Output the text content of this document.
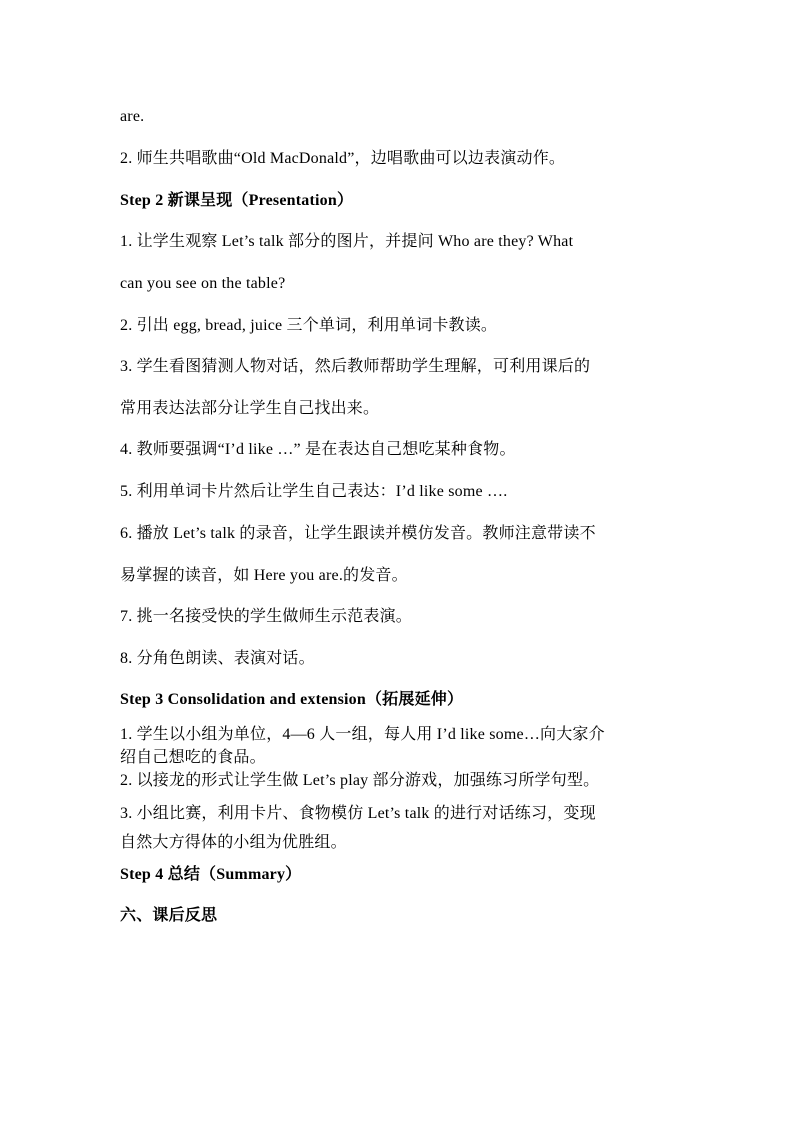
are.
2. 师生共唱歌曲“Old MacDonald”，边唱歌曲可以边表演动作。
Step 2 新课呈现（Presentation）
1. 让学生观察 Let’s talk 部分的图片，并提问 Who are they? What
can you see on the table?
2. 引出 egg, bread, juice 三个单词，利用单词卡教读。
3. 学生看图猜测人物对话，然后教师帮助学生理解，可利用课后的
常用表达法部分让学生自己找出来。
4. 教师要强调“I’d like …” 是在表达自己想吃某种食物。
5. 利用单词卡片然后让学生自己表达：I’d like some ….
6. 播放 Let’s talk 的录音，让学生跟读并模仿发音。教师注意带读不
易掌握的读音，如 Here you are.的发音。
7. 挑一名接受快的学生做师生示范表演。
8. 分角色朗读、表演对话。
Step 3 Consolidation and extension（拓展延伸）
1. 学生以小组为单位，4—6 人一组，每人用 I’d like some…向大家介
绍自己想吃的食品。
2. 以接龙的形式让学生做 Let’s play 部分游戏，加强练习所学句型。
3. 小组比赛，利用卡片、食物模仿 Let’s talk 的进行对话练习，变现
自然大方得体的小组为优胜组。
Step 4 总结（Summary）
六、课后反思
